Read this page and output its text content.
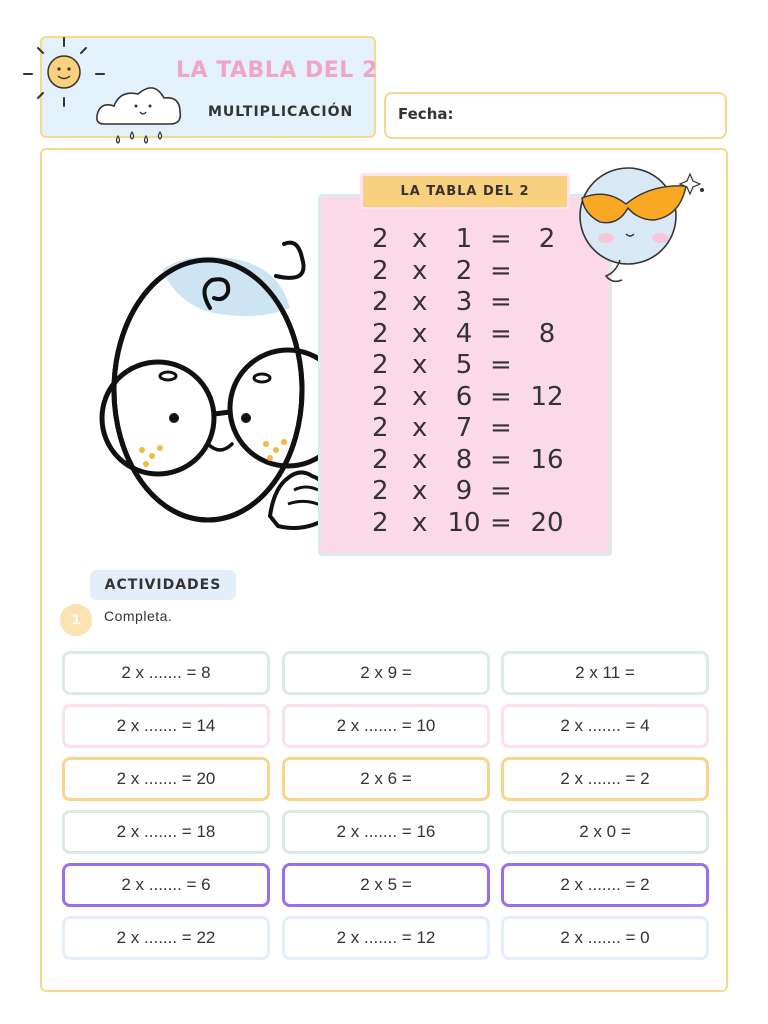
LA TABLA DEL 2
MULTIPLICACIÓN	Fecha:
LA TABLA DEL 2
2 x	1 =	2
2 x	2 =
2 x	3 =
2 x	4 =	8
2 x	5 =
2 x	6 = 12
2 x	7 =
2 x	8 = 16
2 x	9 =
2 x 10 = 20
ACTIVIDADES
1	Completa.
2 x ....... = 8	2 x 9 =	2 x 11 =
2 x ....... = 14	2 x ....... = 10	2 x ....... = 4
2 x ....... = 20	2 x 6 =	2 x ....... = 2
2 x ....... = 18	2 x ....... = 16	2 x 0 =
2 x ....... = 6	2 x 5 =	2 x ....... = 2
2 x ....... = 22	2 x ....... = 12	2 x ....... = 0
